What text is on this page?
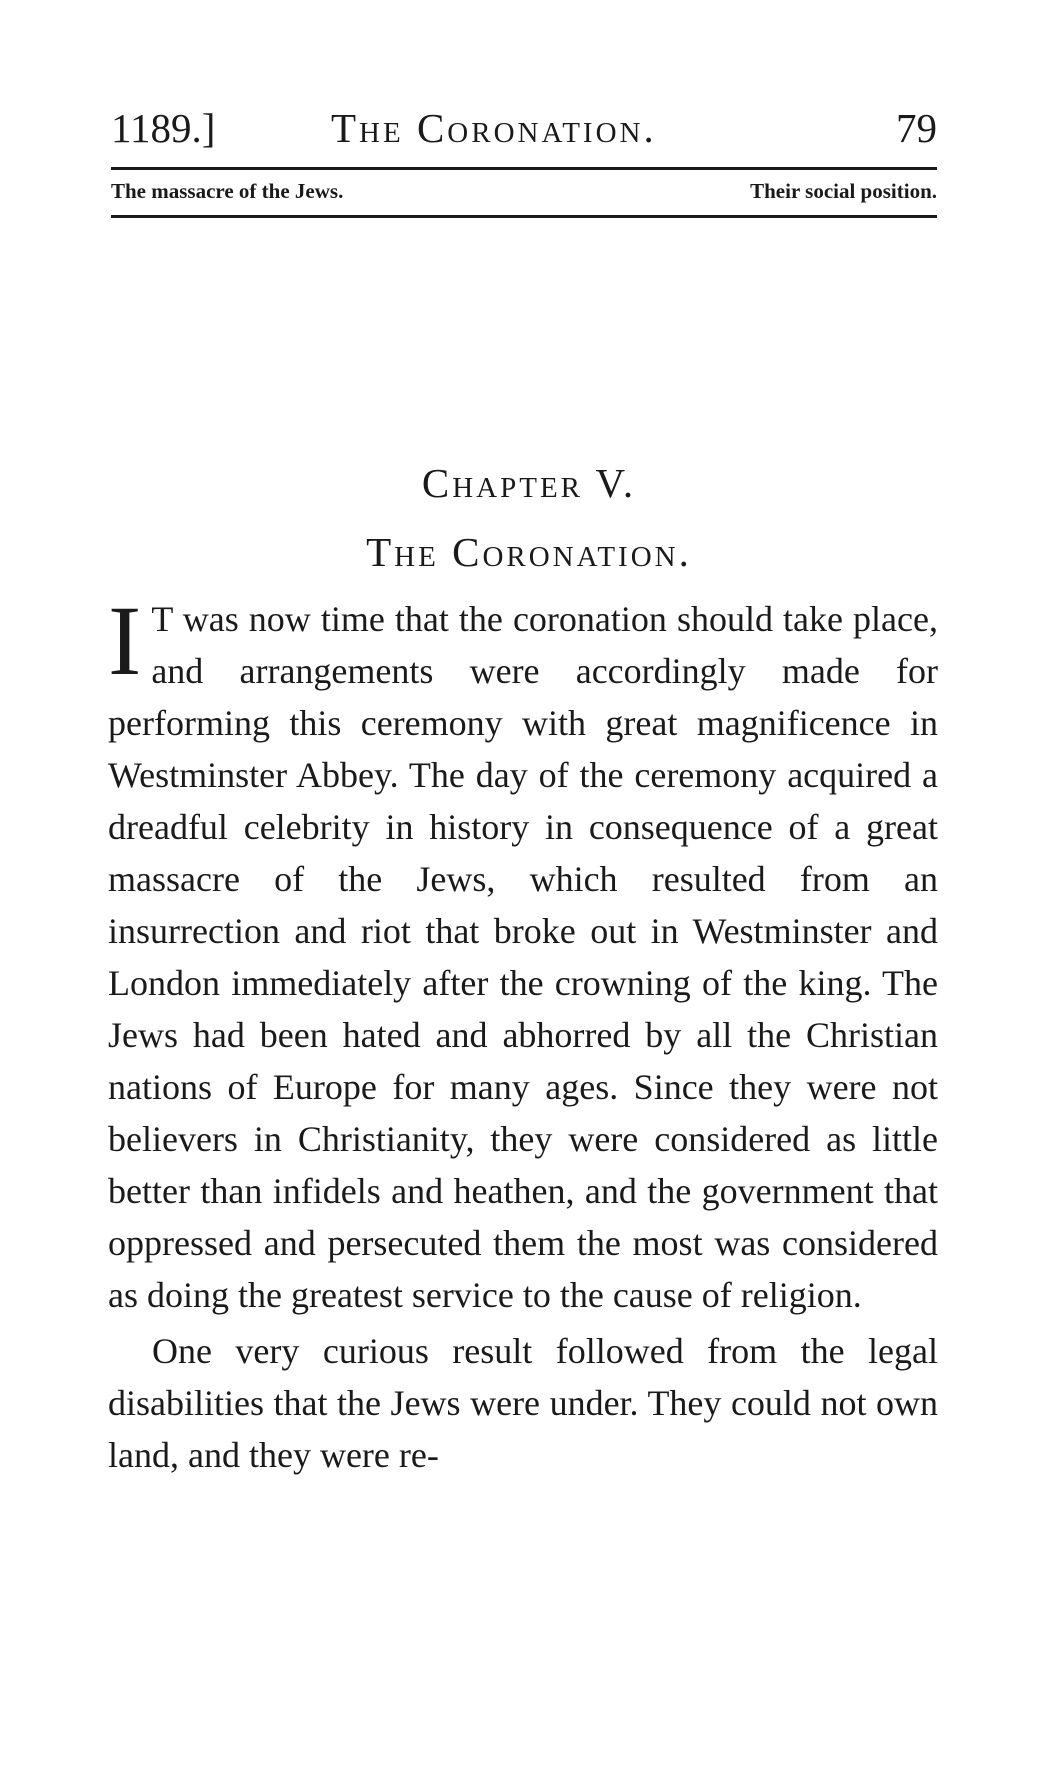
1189.]	The Coronation.	79
The massacre of the Jews.	Their social position.
Chapter V.
The Coronation.

I T was now time that the coronation should take place, and arrangements were accordingly made for performing this ceremony with great magnificence in Westminster Abbey. The day of the ceremony acquired a dreadful celebrity in history in consequence of a great massacre of the Jews, which resulted from an insurrection and riot that broke out in Westminster and London immediately after the crowning of the king. The Jews had been hated and abhorred by all the Christian nations of Europe for many ages. Since they were not believers in Christianity, they were considered as little better than infidels and heathen, and the government that oppressed and persecuted them the most was considered as doing the greatest service to the cause of religion.

One very curious result followed from the legal disabilities that the Jews were under. They could not own land, and they were re-
